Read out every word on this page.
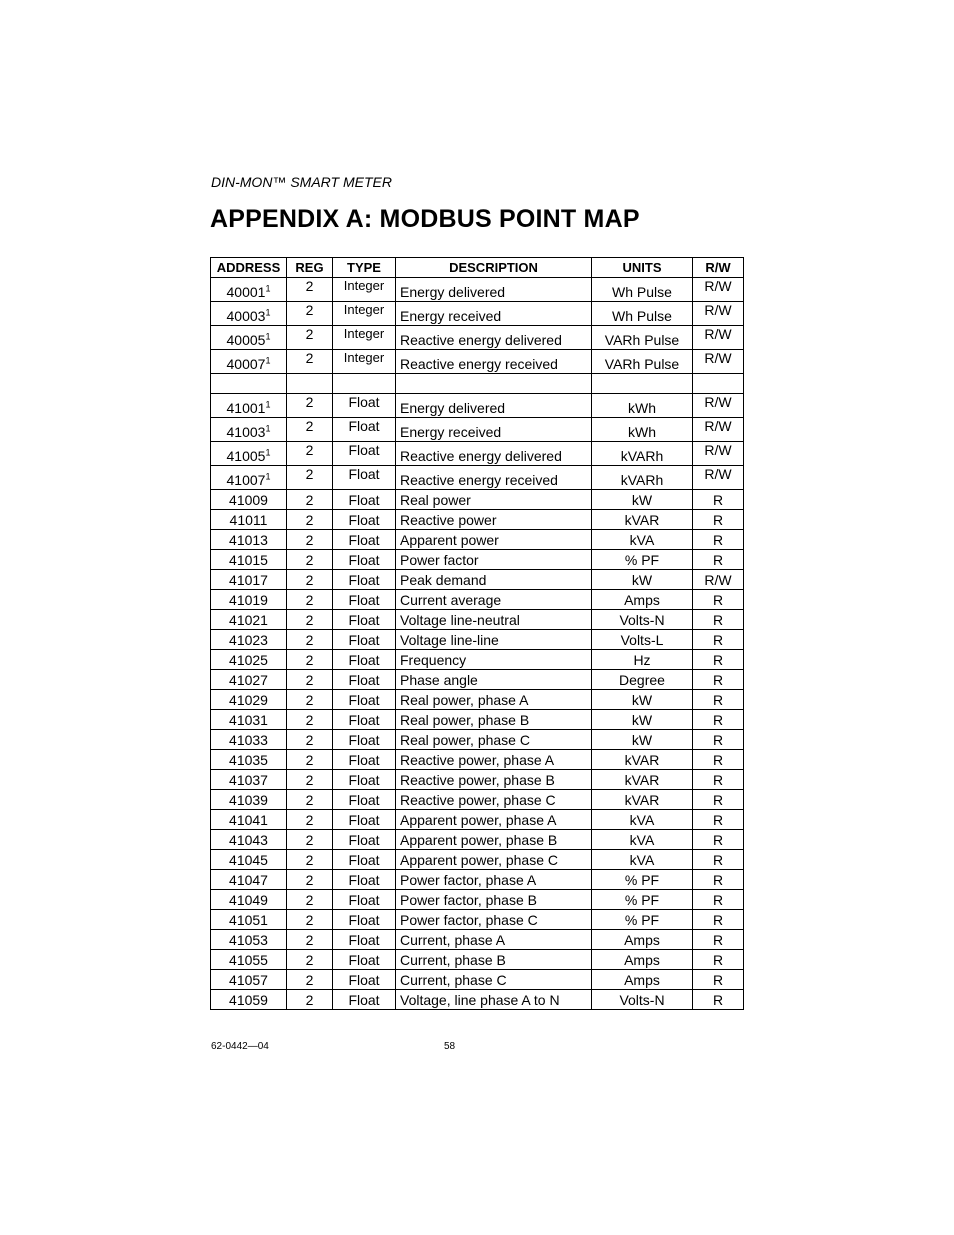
DIN-MON™ SMART METER
APPENDIX A: MODBUS POINT MAP
ADDRESS	REG	TYPE	DESCRIPTION	UNITS	R/W
40001$^1$	2	Integer	Energy delivered	Wh Pulse	R/W
40003$^1$	2	Integer	Energy received	Wh Pulse	R/W
40005$^1$	2	Integer	Reactive energy delivered	VARh Pulse	R/W
40007$^1$	2	Integer	Reactive energy received	VARh Pulse	R/W

41001$^1$	2	Float	Energy delivered	kWh	R/W
41003$^1$	2	Float	Energy received	kWh	R/W
41005$^1$	2	Float	Reactive energy delivered	kVARh	R/W
41007$^1$	2	Float	Reactive energy received	kVARh	R/W
41009	2	Float	Real power	kW	R
41011	2	Float	Reactive power	kVAR	R
41013	2	Float	Apparent power	kVA	R
41015	2	Float	Power factor	% PF	R
41017	2	Float	Peak demand	kW	R/W
41019	2	Float	Current average	Amps	R
41021	2	Float	Voltage line-neutral	Volts-N	R
41023	2	Float	Voltage line-line	Volts-L	R
41025	2	Float	Frequency	Hz	R
41027	2	Float	Phase angle	Degree	R
41029	2	Float	Real power, phase A	kW	R
41031	2	Float	Real power, phase B	kW	R
41033	2	Float	Real power, phase C	kW	R
41035	2	Float	Reactive power, phase A	kVAR	R
41037	2	Float	Reactive power, phase B	kVAR	R
41039	2	Float	Reactive power, phase C	kVAR	R
41041	2	Float	Apparent power, phase A	kVA	R
41043	2	Float	Apparent power, phase B	kVA	R
41045	2	Float	Apparent power, phase C	kVA	R
41047	2	Float	Power factor, phase A	% PF	R
41049	2	Float	Power factor, phase B	% PF	R
41051	2	Float	Power factor, phase C	% PF	R
41053	2	Float	Current, phase A	Amps	R
41055	2	Float	Current, phase B	Amps	R
41057	2	Float	Current, phase C	Amps	R
41059	2	Float	Voltage, line phase A to N	Volts-N	R
62-0442—04	58
